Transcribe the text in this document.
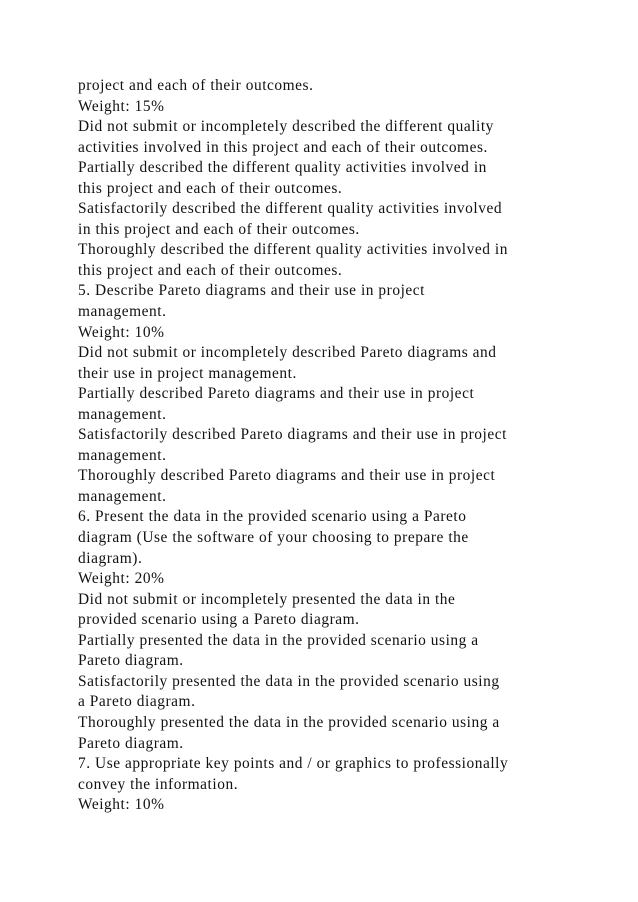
project and each of their outcomes.
Weight: 15%
Did not submit or incompletely described the different quality
activities involved in this project and each of their outcomes.
Partially described the different quality activities involved in
this project and each of their outcomes.
Satisfactorily described the different quality activities involved
in this project and each of their outcomes.
Thoroughly described the different quality activities involved in
this project and each of their outcomes.
5. Describe Pareto diagrams and their use in project
management.
Weight: 10%
Did not submit or incompletely described Pareto diagrams and
their use in project management.
Partially described Pareto diagrams and their use in project
management.
Satisfactorily described Pareto diagrams and their use in project
management.
Thoroughly described Pareto diagrams and their use in project
management.
6. Present the data in the provided scenario using a Pareto
diagram (Use the software of your choosing to prepare the
diagram).
Weight: 20%
Did not submit or incompletely presented the data in the
provided scenario using a Pareto diagram.
Partially presented the data in the provided scenario using a
Pareto diagram.
Satisfactorily presented the data in the provided scenario using
a Pareto diagram.
Thoroughly presented the data in the provided scenario using a
Pareto diagram.
7. Use appropriate key points and / or graphics to professionally
convey the information.
Weight: 10%
